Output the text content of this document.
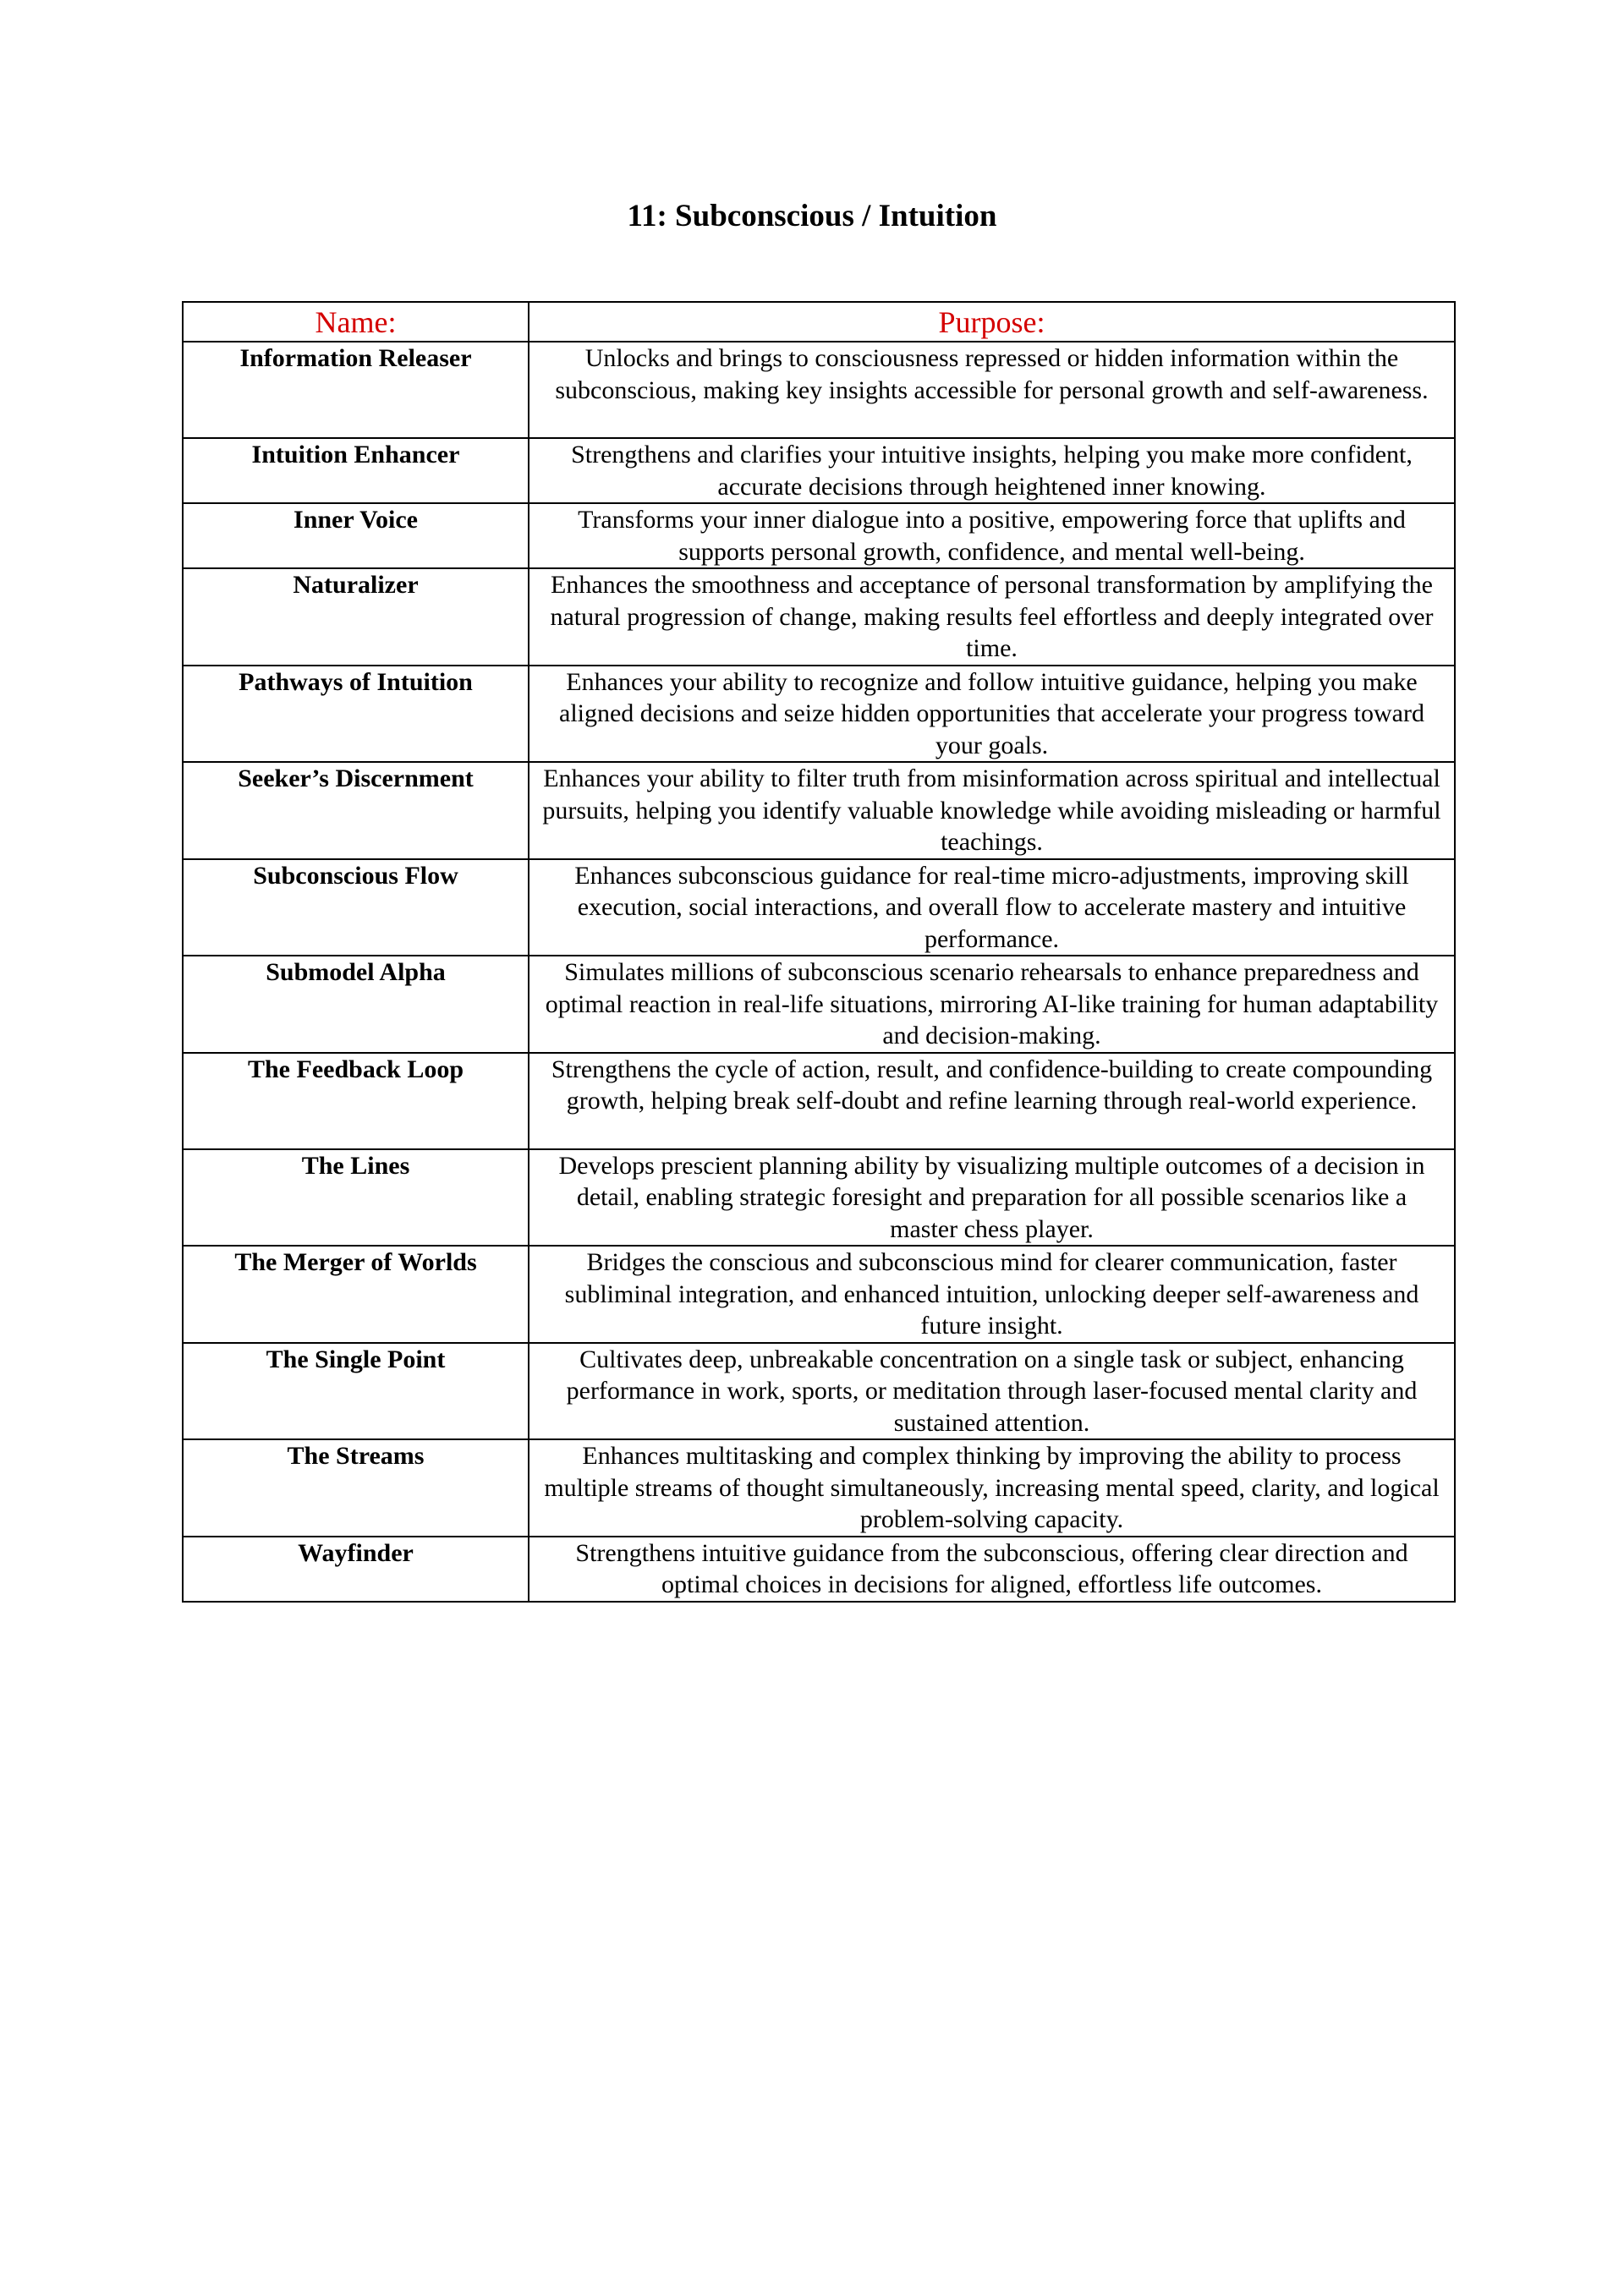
11: Subconscious / Intuition
Name:	Purpose:
Information Releaser	Unlocks and brings to consciousness repressed or hidden information within the subconscious, making key insights accessible for personal growth and self-awareness.
Intuition Enhancer	Strengthens and clarifies your intuitive insights, helping you make more confident, accurate decisions through heightened inner knowing.
Inner Voice	Transforms your inner dialogue into a positive, empowering force that uplifts and supports personal growth, confidence, and mental well-being.
Naturalizer	Enhances the smoothness and acceptance of personal transformation by amplifying the natural progression of change, making results feel effortless and deeply integrated over time.
Pathways of Intuition	Enhances your ability to recognize and follow intuitive guidance, helping you make aligned decisions and seize hidden opportunities that accelerate your progress toward your goals.
Seeker’s Discernment	Enhances your ability to filter truth from misinformation across spiritual and intellectual pursuits, helping you identify valuable knowledge while avoiding misleading or harmful teachings.
Subconscious Flow	Enhances subconscious guidance for real-time micro-adjustments, improving skill execution, social interactions, and overall flow to accelerate mastery and intuitive performance.
Submodel Alpha	Simulates millions of subconscious scenario rehearsals to enhance preparedness and optimal reaction in real-life situations, mirroring AI-like training for human adaptability and decision-making.
The Feedback Loop	Strengthens the cycle of action, result, and confidence-building to create compounding growth, helping break self-doubt and refine learning through real-world experience.
The Lines	Develops prescient planning ability by visualizing multiple outcomes of a decision in detail, enabling strategic foresight and preparation for all possible scenarios like a master chess player.
The Merger of Worlds	Bridges the conscious and subconscious mind for clearer communication, faster subliminal integration, and enhanced intuition, unlocking deeper self-awareness and future insight.
The Single Point	Cultivates deep, unbreakable concentration on a single task or subject, enhancing performance in work, sports, or meditation through laser-focused mental clarity and sustained attention.
The Streams	Enhances multitasking and complex thinking by improving the ability to process multiple streams of thought simultaneously, increasing mental speed, clarity, and logical problem-solving capacity.
Wayfinder	Strengthens intuitive guidance from the subconscious, offering clear direction and optimal choices in decisions for aligned, effortless life outcomes.
